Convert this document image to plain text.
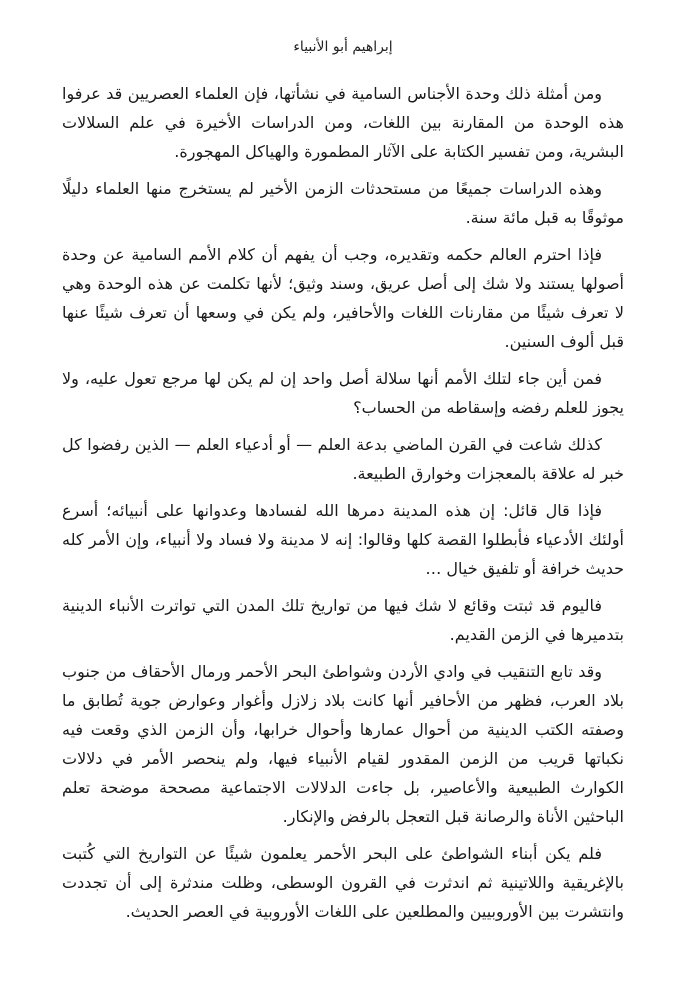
إبراهيم أبو الأنبياء

ومن أمثلة ذلك وحدة الأجناس السامية في نشأتها، فإن العلماء العصريين قد عرفوا هذه الوحدة من المقارنة بين اللغات، ومن الدراسات الأخيرة في علم السلالات البشرية، ومن تفسير الكتابة على الآثار المطمورة والهياكل المهجورة.

وهذه الدراسات جميعًا من مستحدثات الزمن الأخير لم يستخرج منها العلماء دليلًا موثوقًا به قبل مائة سنة.

فإذا احترم العالم حكمه وتقديره، وجب أن يفهم أن كلام الأمم السامية عن وحدة أصولها يستند ولا شك إلى أصل عريق، وسند وثيق؛ لأنها تكلمت عن هذه الوحدة وهي لا تعرف شيئًا من مقارنات اللغات والأحافير، ولم يكن في وسعها أن تعرف شيئًا عنها قبل ألوف السنين.

فمن أين جاء لتلك الأمم أنها سلالة أصل واحد إن لم يكن لها مرجع تعول عليه، ولا يجوز للعلم رفضه وإسقاطه من الحساب؟

كذلك شاعت في القرن الماضي بدعة العلم — أو أدعياء العلم — الذين رفضوا كل خبر له علاقة بالمعجزات وخوارق الطبيعة.

فإذا قال قائل: إن هذه المدينة دمرها الله لفسادها وعدوانها على أنبيائه؛ أسرع أولئك الأدعياء فأبطلوا القصة كلها وقالوا: إنه لا مدينة ولا فساد ولا أنبياء، وإن الأمر كله حديث خرافة أو تلفيق خيال …

فاليوم قد ثبتت وقائع لا شك فيها من تواريخ تلك المدن التي تواترت الأنباء الدينية بتدميرها في الزمن القديم.

وقد تابع التنقيب في وادي الأردن وشواطئ البحر الأحمر ورمال الأحقاف من جنوب بلاد العرب، فظهر من الأحافير أنها كانت بلاد زلازل وأغوار وعوارض جوية تُطابق ما وصفته الكتب الدينية من أحوال عمارها وأحوال خرابها، وأن الزمن الذي وقعت فيه نكباتها قريب من الزمن المقدور لقيام الأنبياء فيها، ولم ينحصر الأمر في دلالات الكوارث الطبيعية والأعاصير، بل جاءت الدلالات الاجتماعية مصححة موضحة تعلم الباحثين الأناة والرصانة قبل التعجل بالرفض والإنكار.

فلم يكن أبناء الشواطئ على البحر الأحمر يعلمون شيئًا عن التواريخ التي كُتبت بالإغريقية واللاتينية ثم اندثرت في القرون الوسطى، وظلت مندثرة إلى أن تجددت وانتشرت بين الأوروبيين والمطلعين على اللغات الأوروبية في العصر الحديث.
